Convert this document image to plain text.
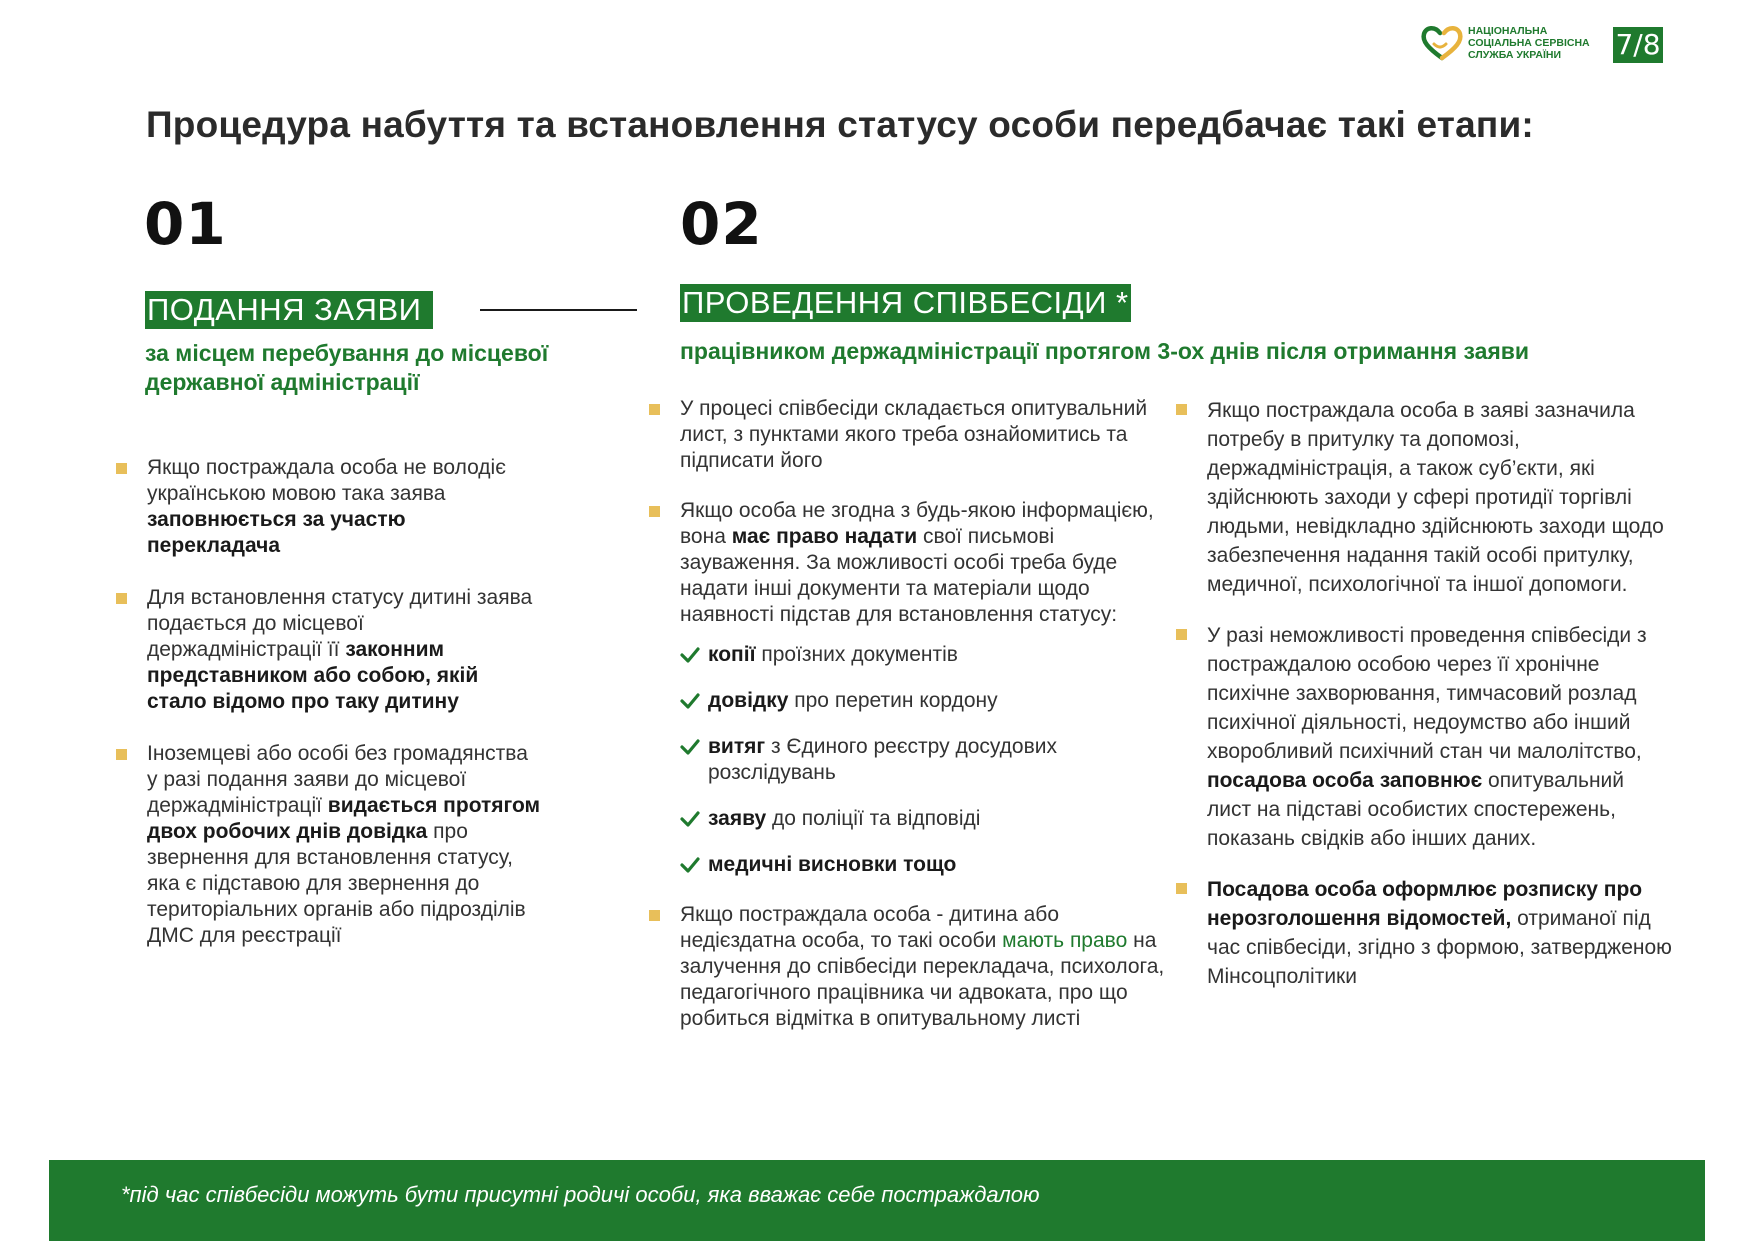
НАЦІОНАЛЬНА
СОЦІАЛЬНА СЕРВІСНА
СЛУЖБА УКРАЇНИ	7/8
Процедура набуття та встановлення статусу особи передбачає такі етапи:
01	02
ПОДАННЯ ЗАЯВИ	ПРОВЕДЕННЯ СПІВБЕСІДИ *
за місцем перебування до місцевої державної адміністрації
працівником держадміністрації протягом 3-ох днів після отримання заяви
Якщо постраждала особа не володіє українською мовою така заява заповнюється за участю перекладача
Для встановлення статусу дитині заява подається до місцевої держадміністрації її законним представником або собою, якій стало відомо про таку дитину
Іноземцеві або особі без громадянства у разі подання заяви до місцевої держадміністрації видається протягом двох робочих днів довідка про звернення для встановлення статусу, яка є підставою для звернення до територіальних органів або підрозділів ДМС для реєстрації
У процесі співбесіди складається опитувальний лист, з пунктами якого треба ознайомитись та підписати його
Якщо особа не згодна з будь-якою інформацією, вона має право надати свої письмові зауваження. За можливості особі треба буде надати інші документи та матеріали щодо наявності підстав для встановлення статусу:
копії проїзних документів
довідку про перетин кордону
витяг з Єдиного реєстру досудових розслідувань
заяву до поліції та відповіді
медичні висновки тощо
Якщо постраждала особа - дитина або недієздатна особа, то такі особи мають право на залучення до співбесіди перекладача, психолога, педагогічного працівника чи адвоката, про що робиться відмітка в опитувальному листі
Якщо постраждала особа в заяві зазначила потребу в притулку та допомозі, держадміністрація, а також суб’єкти, які здійснюють заходи у сфері протидії торгівлі людьми, невідкладно здійснюють заходи щодо забезпечення надання такій особі притулку, медичної, психологічної та іншої допомоги.
У разі неможливості проведення співбесіди з постраждалою особою через її хронічне психічне захворювання, тимчасовий розлад психічної діяльності, недоумство або інший хворобливий психічний стан чи малолітство, посадова особа заповнює опитувальний лист на підставі особистих спостережень, показань свідків або інших даних.
Посадова особа оформлює розписку про нерозголошення відомостей, отриманої під час співбесіди, згідно з формою, затвердженою Мінсоцполітики
*під час співбесіди можуть бути присутні родичі особи, яка вважає себе постраждалою
